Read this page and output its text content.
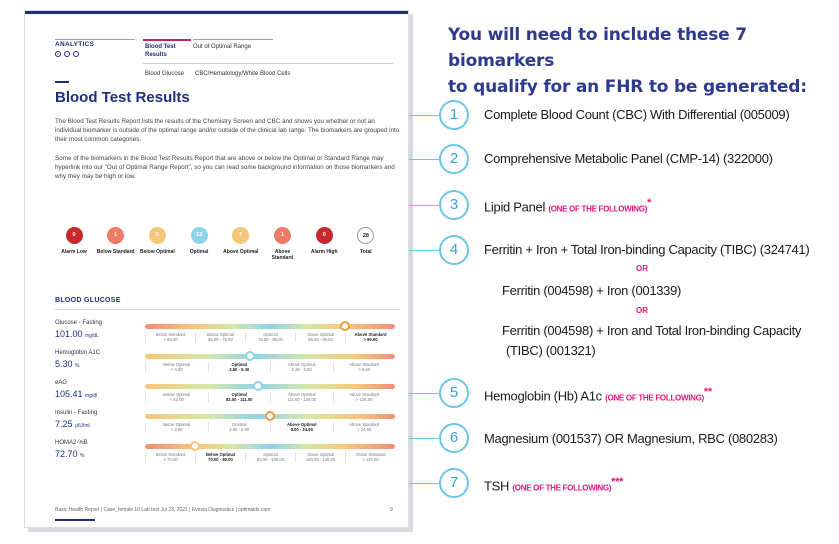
ANALYTICS
⌂	·	·
Blood Test Results
Out of Optimal Range
Blood Glucose CBC/Hematology/White Blood Cells
Blood Test Results
The Blood Test Results Report lists the results of the Chemistry Screen and CBC and shows you whether or not an individual biomarker is outside of the optimal range and/or outside of the clinical lab range. The biomarkers are grouped into their most common categories.
Some of the biomarkers in the Blood Test Results Report that are above or below the Optimal or Standard Range may hyperlink into our "Out of Optimal Range Report", so you can read some background information on those biomarkers and why they may be high or low.
0
Alarm Low
1
Below Standard
6
Below Optimal
13
Optimal
7
Above Optimal
1
Above Standard
0
Alarm High
28
Total
BLOOD GLUCOSE
Glucose - Fasting
101.00 mg/dL	Below Standard
< 65.00
Below Optimal
65.00 - 75.00
Optimal
75.00 - 86.00
Above Optimal
86.00 - 99.00
Above Standard
> 99.00
Hemoglobin A1C
5.30 %	Below Optimal
< 4.60
Optimal
4.60 - 5.30
Above Optimal
5.30 - 5.60
Above Standard
> 5.60
eAG
105.41 mg/dl	Below Optimal
< 82.00
Optimal
82.00 - 111.00
Above Optimal
111.00 - 126.00
Above Standard
> 126.00
Insulin - Fasting
7.25 μIU/ml	Below Optimal
< 2.60
Optimal
2.60 - 5.00
Above Optimal
5.00 - 24.90
Above Standard
> 24.90
HOMA2-%B
72.70 %	Below Standard
< 70.00
Below Optimal
70.00 - 80.00
Optimal
80.00 - 100.00
Above Optimal
100.00 - 140.00
Above Standard
> 140.00
Basic Health Report | Case_female 10 Lab test Jul 23, 2021 | Evexia Diagnostics | optimaldx.com	9
You will need to include these 7 biomarkers
to qualify for an FHR to be generated:
1	Complete Blood Count (CBC) With Differential (005009)
2	Comprehensive Metabolic Panel (CMP-14) (322000)
3	Lipid Panel (ONE OF THE FOLLOWING)*
4	Ferritin + Iron + Total Iron-binding Capacity (TIBC) (324741)
OR
Ferritin (004598) + Iron (001339)
OR
Ferritin (004598) + Iron and Total Iron-binding Capacity
(TIBC) (001321)
5	Hemoglobin (Hb) A1c (ONE OF THE FOLLOWING)**
6	Magnesium (001537) OR Magnesium, RBC (080283)
7	TSH (ONE OF THE FOLLOWING)***
